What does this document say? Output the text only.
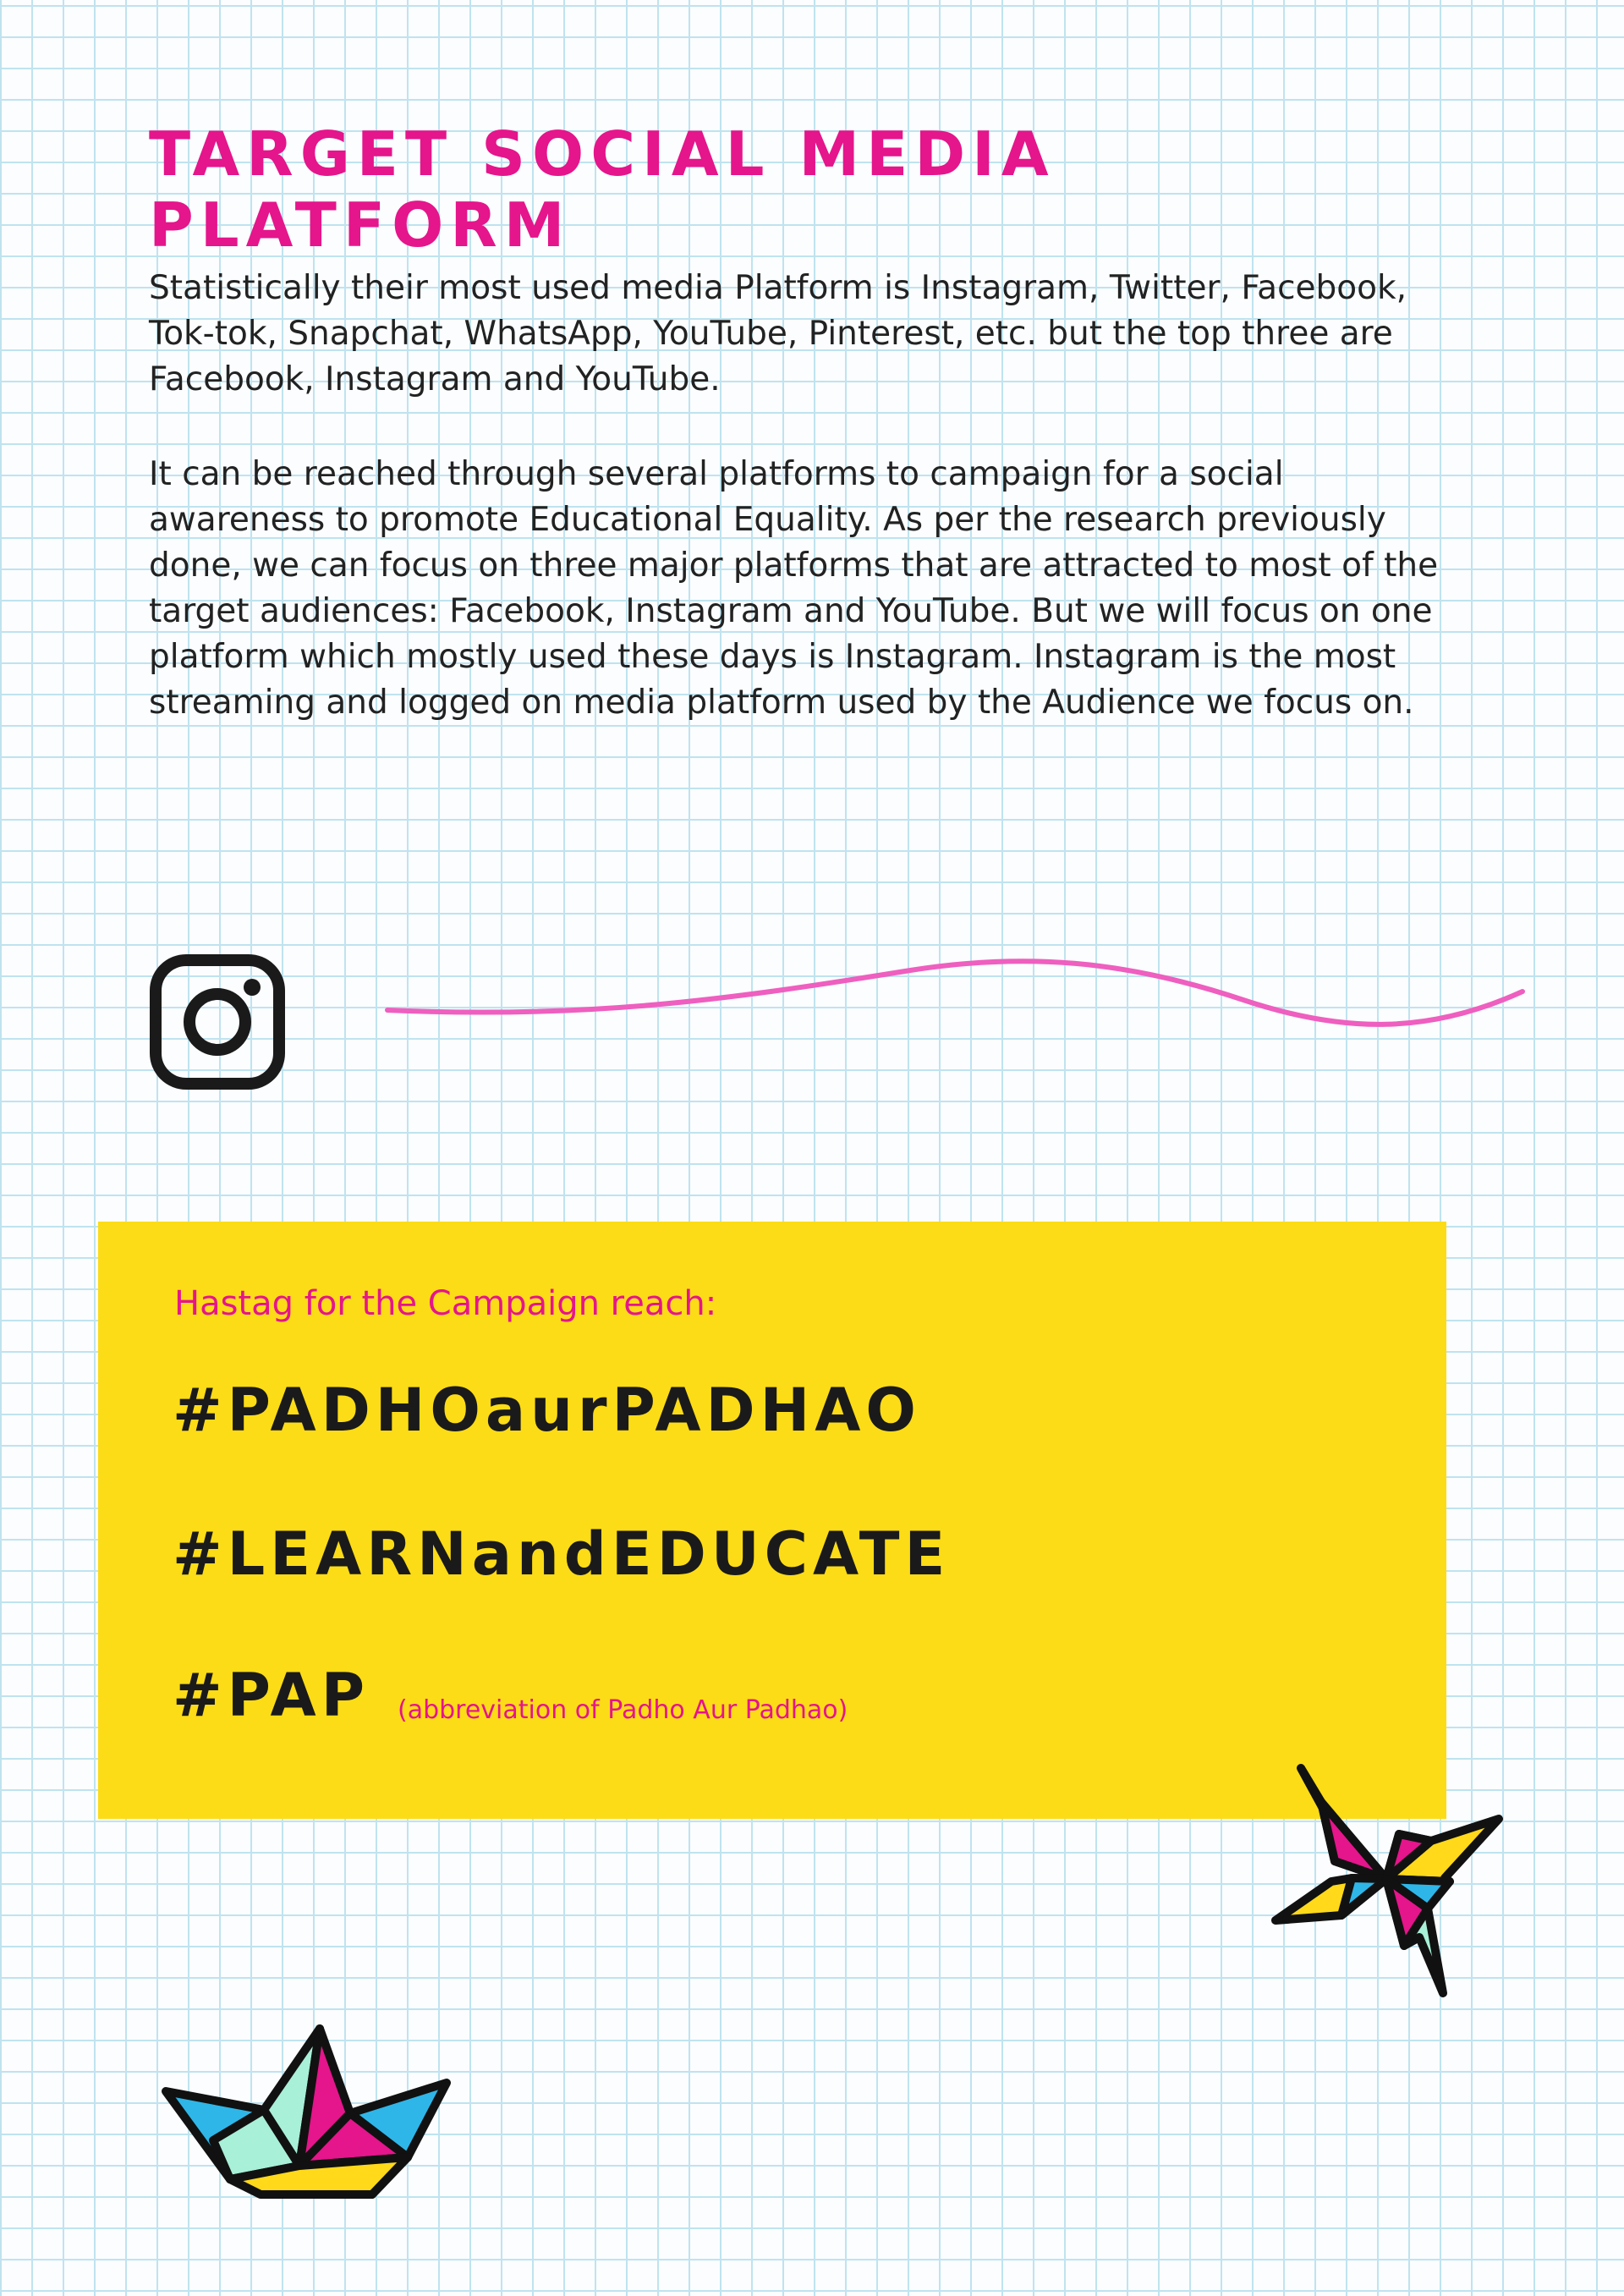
TARGET SOCIAL MEDIA PLATFORM

Statistically their most used media Platform is Instagram, Twitter, Facebook, Tok-tok, Snapchat, WhatsApp, YouTube, Pinterest, etc. but the top three are Facebook, Instagram and YouTube.

It can be reached through several platforms to campaign for a social awareness to promote Educational Equality. As per the research previously done, we can focus on three major platforms that are attracted to most of the target audiences: Facebook, Instagram and YouTube. But we will focus on one platform which mostly used these days is Instagram. Instagram is the most streaming and logged on media platform used by the Audience we focus on.

Hastag for the Campaign reach:
#PADHOaurPADHAO
#LEARNandEDUCATE
#PAP (abbreviation of Padho Aur Padhao)
